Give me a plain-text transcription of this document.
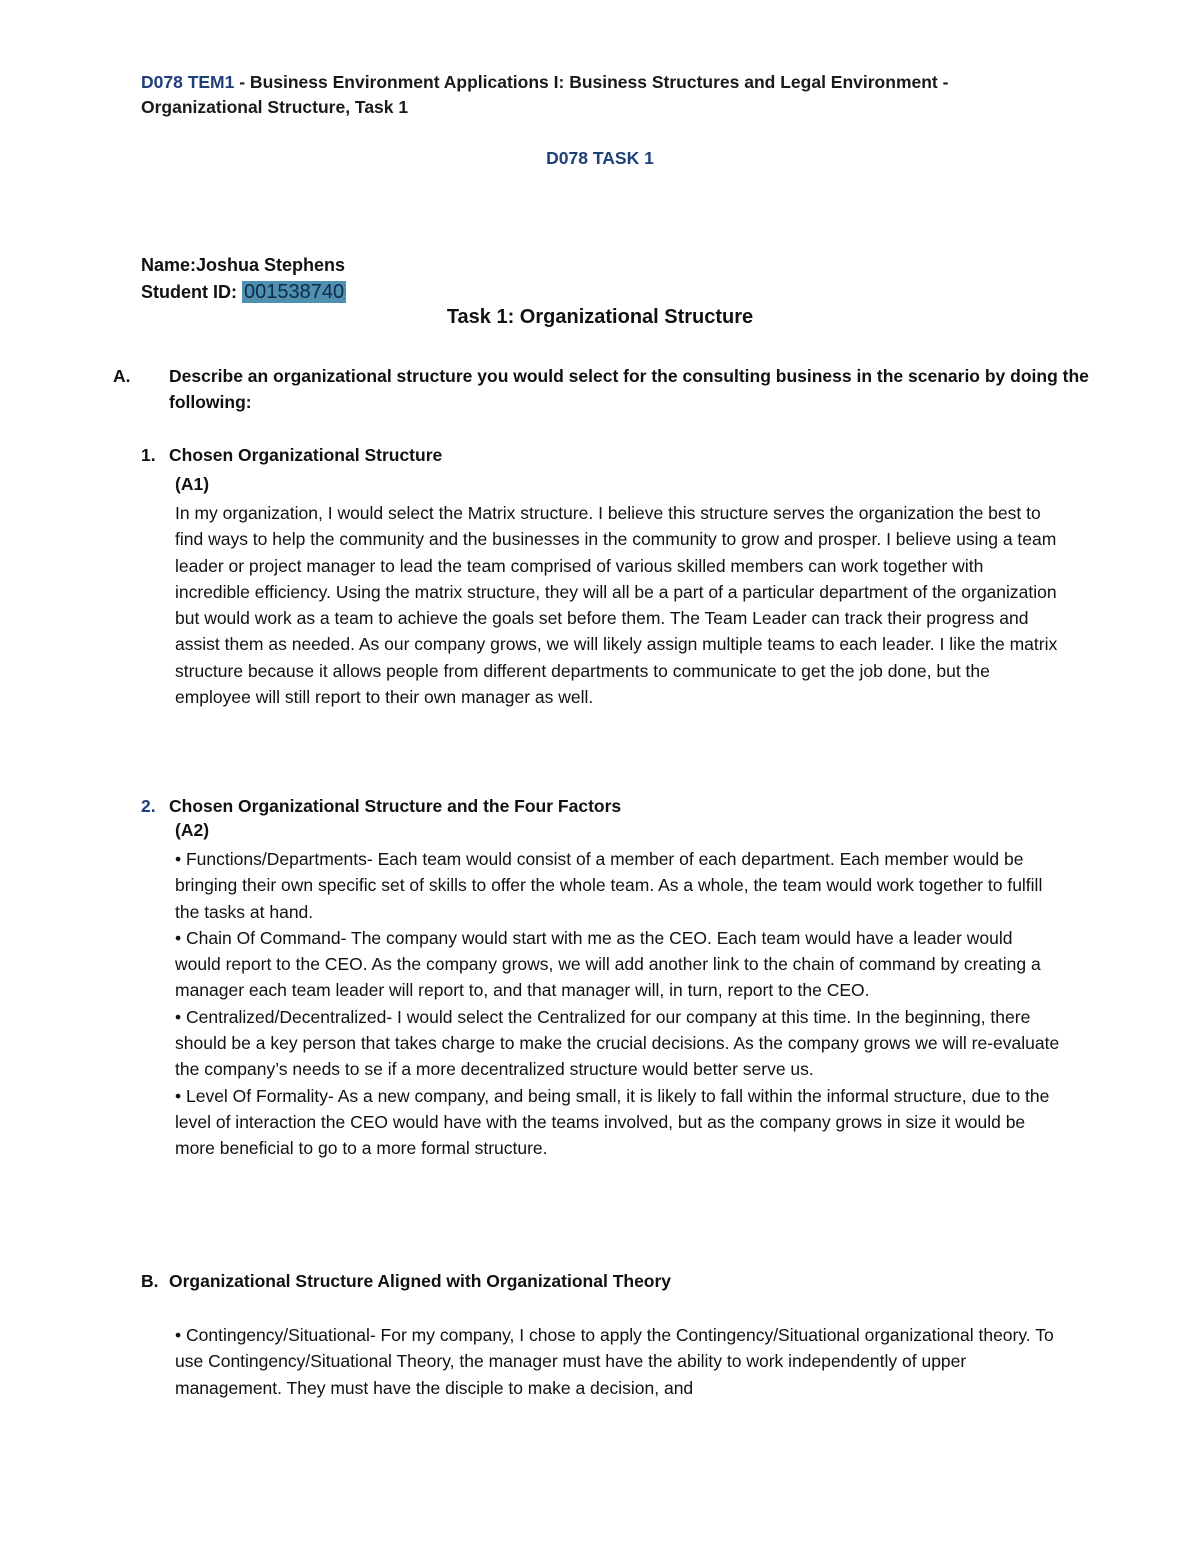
D078 TEM1 - Business Environment Applications I: Business Structures and Legal Environment - Organizational Structure, Task 1
D078 TASK 1
Name:Joshua Stephens
Student ID: 001538740
Task 1: Organizational Structure
A. Describe an organizational structure you would select for the consulting business in the scenario by doing the following:
1. Chosen Organizational Structure
(A1)

In my organization, I would select the Matrix structure. I believe this structure serves the organization the best to find ways to help the community and the businesses in the community to grow and prosper. I believe using a team leader or project manager to lead the team comprised of various skilled members can work together with incredible efficiency. Using the matrix structure, they will all be a part of a particular department of the organization but would work as a team to achieve the goals set before them. The Team Leader can track their progress and assist them as needed. As our company grows, we will likely assign multiple teams to each leader. I like the matrix structure because it allows people from different departments to communicate to get the job done, but the employee will still report to their own manager as well.

2. Chosen Organizational Structure and the Four Factors
(A2)

• Functions/Departments- Each team would consist of a member of each department. Each member would be bringing their own specific set of skills to offer the whole team. As a whole, the team would work together to fulfill the tasks at hand.

• Chain Of Command- The company would start with me as the CEO. Each team would have a leader would would report to the CEO. As the company grows, we will add another link to the chain of command by creating a manager each team leader will report to, and that manager will, in turn, report to the CEO.

• Centralized/Decentralized- I would select the Centralized for our company at this time. In the beginning, there should be a key person that takes charge to make the crucial decisions. As the company grows we will re-evaluate the company’s needs to se if a more decentralized structure would better serve us.

• Level Of Formality- As a new company, and being small, it is likely to fall within the informal structure, due to the level of interaction the CEO would have with the teams involved, but as the company grows in size it would be more beneficial to go to a more formal structure.

B. Organizational Structure Aligned with Organizational Theory

• Contingency/Situational- For my company, I chose to apply the Contingency/Situational organizational theory. To use Contingency/Situational Theory, the manager must have the ability to work independently of upper management. They must have the disciple to make a decision, and
